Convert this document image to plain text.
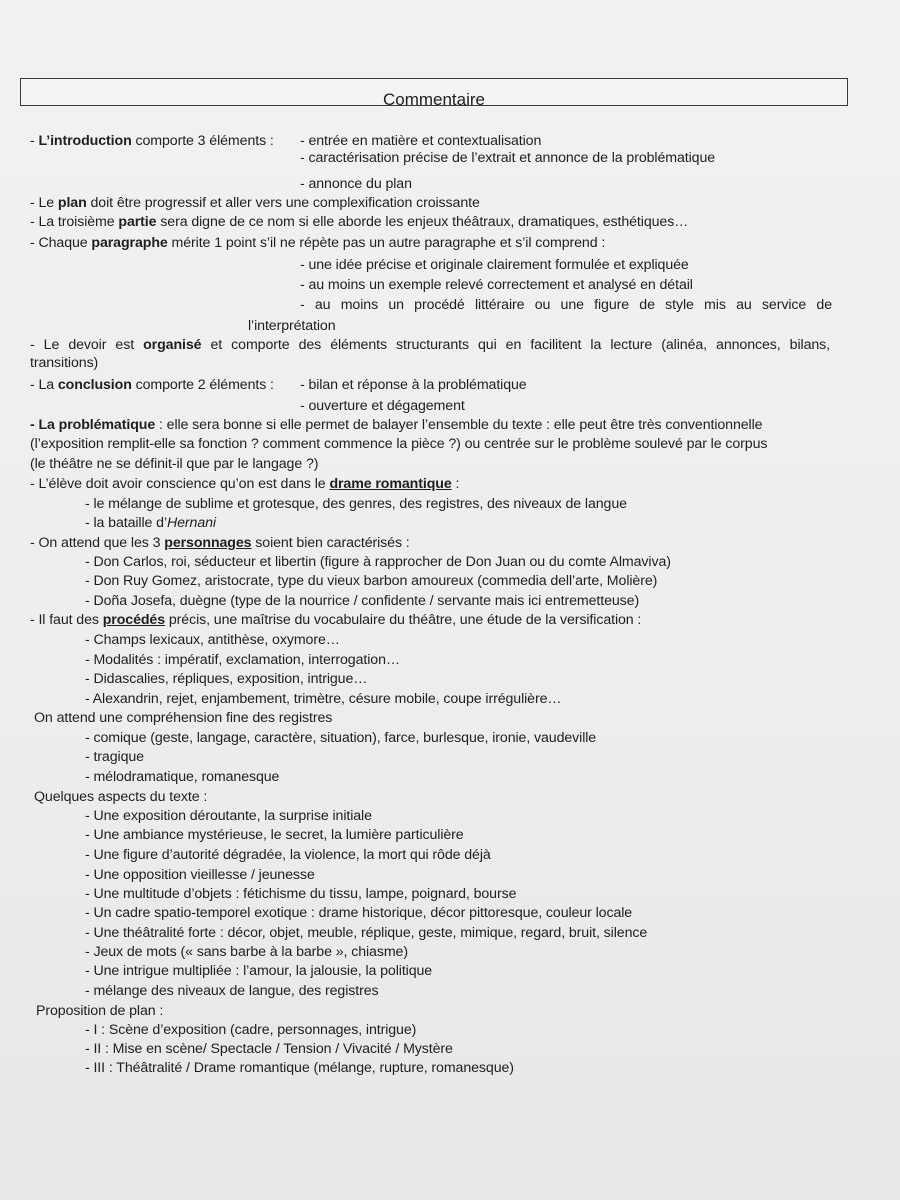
Commentaire
- L’introduction comporte 3 éléments : - entrée en matière et contextualisation
- caractérisation précise de l’extrait et annonce de la problématique
- annonce du plan
- Le plan doit être progressif et aller vers une complexification croissante
- La troisième partie sera digne de ce nom si elle aborde les enjeux théâtraux, dramatiques, esthétiques…
- Chaque paragraphe mérite 1 point s’il ne répète pas un autre paragraphe et s’il comprend :
- une idée précise et originale clairement formulée et expliquée
- au moins un exemple relevé correctement et analysé en détail
- au moins un procédé littéraire ou une figure de style mis au service de
l’interprétation
- Le devoir est organisé et comporte des éléments structurants qui en facilitent la lecture (alinéa, annonces, bilans,
transitions)
- La conclusion comporte 2 éléments : - bilan et réponse à la problématique
- ouverture et dégagement
- La problématique : elle sera bonne si elle permet de balayer l’ensemble du texte : elle peut être très conventionnelle
(l’exposition remplit-elle sa fonction ? comment commence la pièce ?) ou centrée sur le problème soulevé par le corpus
(le théâtre ne se définit-il que par le langage ?)
- L’élève doit avoir conscience qu’on est dans le drame romantique :
- le mélange de sublime et grotesque, des genres, des registres, des niveaux de langue
- la bataille d’Hernani
- On attend que les 3 personnages soient bien caractérisés :
- Don Carlos, roi, séducteur et libertin (figure à rapprocher de Don Juan ou du comte Almaviva)
- Don Ruy Gomez, aristocrate, type du vieux barbon amoureux (commedia dell’arte, Molière)
- Doña Josefa, duègne (type de la nourrice / confidente / servante mais ici entremetteuse)
- Il faut des procédés précis, une maîtrise du vocabulaire du théâtre, une étude de la versification :
- Champs lexicaux, antithèse, oxymore…
- Modalités : impératif, exclamation, interrogation…
- Didascalies, répliques, exposition, intrigue…
- Alexandrin, rejet, enjambement, trimètre, césure mobile, coupe irrégulière…
On attend une compréhension fine des registres
- comique (geste, langage, caractère, situation), farce, burlesque, ironie, vaudeville
- tragique
- mélodramatique, romanesque
Quelques aspects du texte :
- Une exposition déroutante, la surprise initiale
- Une ambiance mystérieuse, le secret, la lumière particulière
- Une figure d’autorité dégradée, la violence, la mort qui rôde déjà
- Une opposition vieillesse / jeunesse
- Une multitude d’objets : fétichisme du tissu, lampe, poignard, bourse
- Un cadre spatio-temporel exotique : drame historique, décor pittoresque, couleur locale
- Une théâtralité forte : décor, objet, meuble, réplique, geste, mimique, regard, bruit, silence
- Jeux de mots (« sans barbe à la barbe », chiasme)
- Une intrigue multipliée : l’amour, la jalousie, la politique
- mélange des niveaux de langue, des registres
Proposition de plan :
- I : Scène d’exposition (cadre, personnages, intrigue)
- II : Mise en scène/ Spectacle / Tension / Vivacité / Mystère
- III : Théâtralité / Drame romantique (mélange, rupture, romanesque)
